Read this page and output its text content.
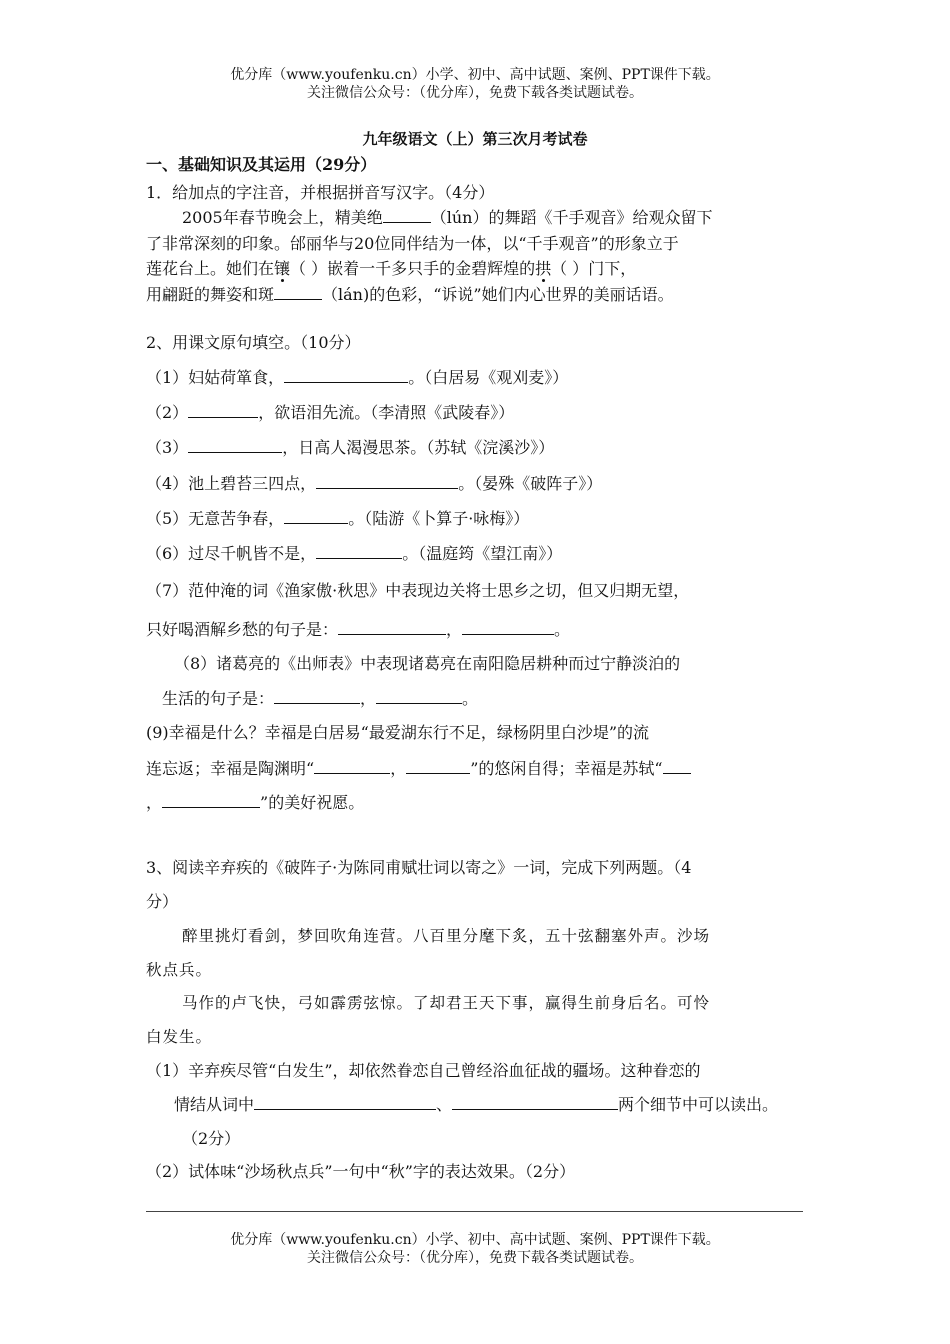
优分库（www.youfenku.cn）小学、初中、高中试题、案例、PPT课件下载。
关注微信公众号：（优分库），免费下载各类试题试卷。
九年级语文（上）第三次月考试卷
一、基础知识及其运用（29分）
1．给加点的字注音，并根据拼音写汉字。（4分）
2005年春节晚会上，精美绝	（lún）的舞蹈《千手观音》给观众留下
了非常深刻的印象。邰丽华与20位同伴结为一体，以“千手观音”的形象立于
莲花台上。她们在镶（ ）嵌着一千多只手的金碧辉煌的拱（ ）门下，
用翩跹的舞姿和斑	（lán)的色彩，“诉说”她们内心世界的美丽话语。
2、用课文原句填空。（10分）
（1）妇姑荷箪食，	。（白居易《观刈麦》）
（2）	，欲语泪先流。（李清照《武陵春》）
（3）	，日高人渴漫思茶。（苏轼《浣溪沙》）
（4）池上碧苔三四点，	。（晏殊《破阵子》）
（5）无意苦争春，	。（陆游《卜算子·咏梅》）
（6）过尽千帆皆不是，	。（温庭筠《望江南》）
（7）范仲淹的词《渔家傲·秋思》中表现边关将士思乡之切，但又归期无望，
只好喝酒解乡愁的句子是：	，	。
（8）诸葛亮的《出师表》中表现诸葛亮在南阳隐居耕种而过宁静淡泊的
生活的句子是：	，	。
(9)幸福是什么？幸福是白居易“最爱湖东行不足，绿杨阴里白沙堤”的流
连忘返；幸福是陶渊明“	，	”的悠闲自得；幸福是苏轼“
，	”的美好祝愿。
3、阅读辛弃疾的《破阵子·为陈同甫赋壮词以寄之》一词，完成下列两题。（4
分）
醉里挑灯看剑，梦回吹角连营。八百里分麾下炙，五十弦翻塞外声。沙场
秋点兵。
马作的卢飞快，弓如霹雳弦惊。了却君王天下事，赢得生前身后名。可怜
白发生。
（1）辛弃疾尽管“白发生”，却依然眷恋自己曾经浴血征战的疆场。这种眷恋的
情结从词中	、	两个细节中可以读出。
（2分）
（2）试体味“沙场秋点兵”一句中“秋”字的表达效果。（2分）
优分库（www.youfenku.cn）小学、初中、高中试题、案例、PPT课件下载。
关注微信公众号：（优分库），免费下载各类试题试卷。
